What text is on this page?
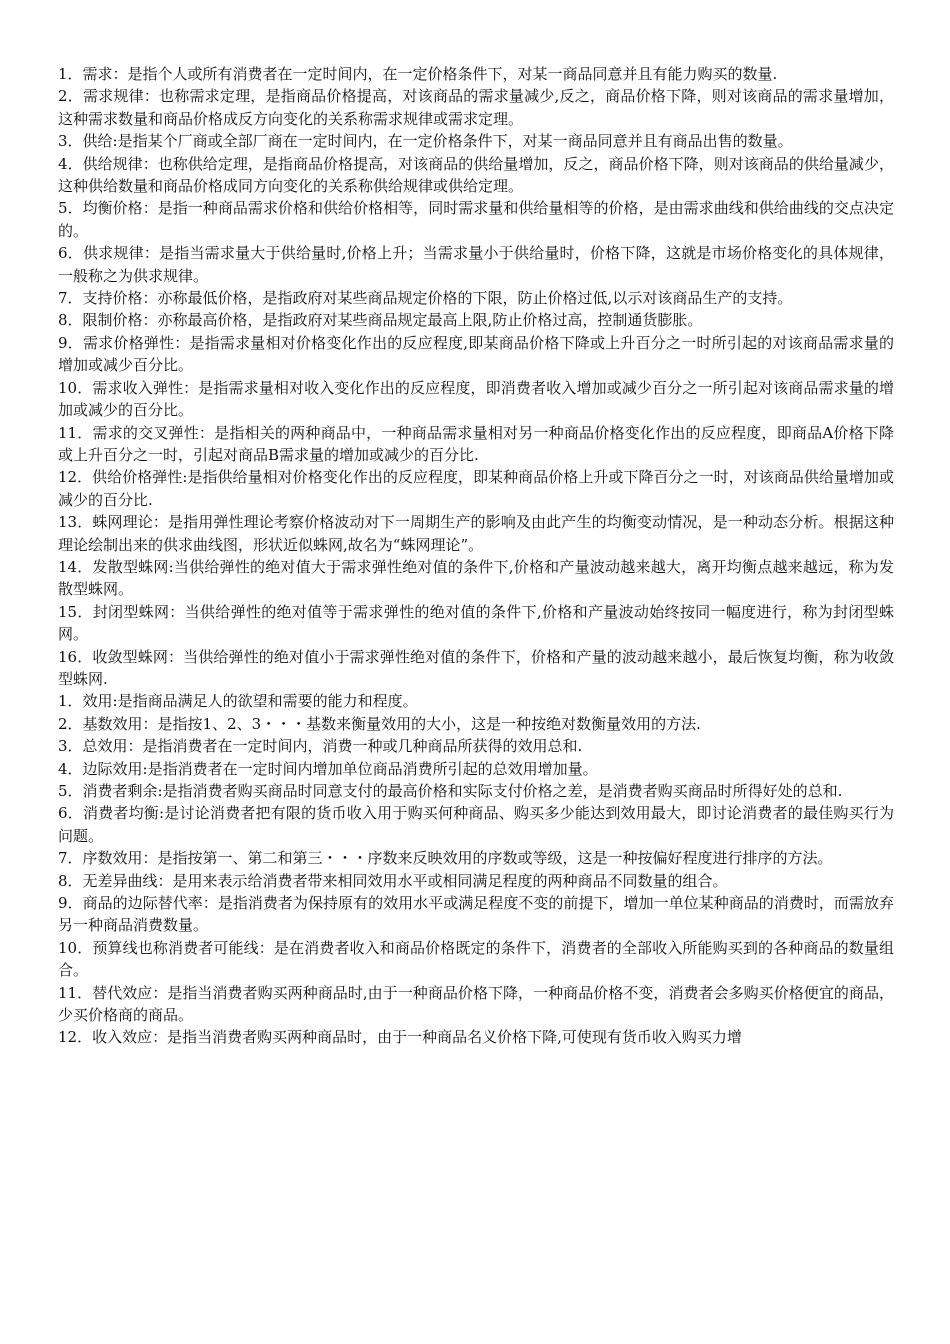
1．需求：是指个人或所有消费者在一定时间内，在一定价格条件下，对某一商品同意并且有能力购买的数量.

2．需求规律：也称需求定理，是指商品价格提高，对该商品的需求量减少,反之，商品价格下降，则对该商品的需求量增加，这种需求数量和商品价格成反方向变化的关系称需求规律或需求定理。

3．供给:是指某个厂商或全部厂商在一定时间内，在一定价格条件下，对某一商品同意并且有商品出售的数量。

4．供给规律：也称供给定理，是指商品价格提高，对该商品的供给量增加，反之，商品价格下降，则对该商品的供给量减少，这种供给数量和商品价格成同方向变化的关系称供给规律或供给定理。

5．均衡价格：是指一种商品需求价格和供给价格相等，同时需求量和供给量相等的价格，是由需求曲线和供给曲线的交点决定的。

6．供求规律：是指当需求量大于供给量时,价格上升；当需求量小于供给量时，价格下降，这就是市场价格变化的具体规律，一般称之为供求规律。

7．支持价格：亦称最低价格，是指政府对某些商品规定价格的下限，防止价格过低,以示对该商品生产的支持。

8．限制价格：亦称最高价格，是指政府对某些商品规定最高上限,防止价格过高，控制通货膨胀。

9．需求价格弹性：是指需求量相对价格变化作出的反应程度,即某商品价格下降或上升百分之一时所引起的对该商品需求量的增加或减少百分比。

10．需求收入弹性：是指需求量相对收入变化作出的反应程度，即消费者收入增加或减少百分之一所引起对该商品需求量的增加或减少的百分比。

11．需求的交叉弹性：是指相关的两种商品中，一种商品需求量相对另一种商品价格变化作出的反应程度，即商品A价格下降或上升百分之一时，引起对商品B需求量的增加或减少的百分比.

12．供给价格弹性:是指供给量相对价格变化作出的反应程度，即某种商品价格上升或下降百分之一时，对该商品供给量增加或减少的百分比.

13．蛛网理论：是指用弹性理论考察价格波动对下一周期生产的影响及由此产生的均衡变动情况，是一种动态分析。根据这种理论绘制出来的供求曲线图，形状近似蛛网,故名为“蛛网理论”。

14．发散型蛛网:当供给弹性的绝对值大于需求弹性绝对值的条件下,价格和产量波动越来越大，离开均衡点越来越远，称为发散型蛛网。

15．封闭型蛛网：当供给弹性的绝对值等于需求弹性的绝对值的条件下,价格和产量波动始终按同一幅度进行，称为封闭型蛛网。

16．收敛型蛛网：当供给弹性的绝对值小于需求弹性绝对值的条件下，价格和产量的波动越来越小，最后恢复均衡，称为收敛型蛛网.

1．效用:是指商品满足人的欲望和需要的能力和程度。

2．基数效用：是指按1、2、3・・・基数来衡量效用的大小，这是一种按绝对数衡量效用的方法.

3．总效用：是指消费者在一定时间内，消费一种或几种商品所获得的效用总和.

4．边际效用:是指消费者在一定时间内增加单位商品消费所引起的总效用增加量。

5．消费者剩余:是指消费者购买商品时同意支付的最高价格和实际支付价格之差，是消费者购买商品时所得好处的总和.

6．消费者均衡:是讨论消费者把有限的货币收入用于购买何种商品、购买多少能达到效用最大，即讨论消费者的最佳购买行为问题。

7．序数效用：是指按第一、第二和第三・・・序数来反映效用的序数或等级，这是一种按偏好程度进行排序的方法。

8．无差异曲线：是用来表示给消费者带来相同效用水平或相同满足程度的两种商品不同数量的组合。

9．商品的边际替代率：是指消费者为保持原有的效用水平或满足程度不变的前提下，增加一单位某种商品的消费时，而需放弃另一种商品消费数量。

10．预算线也称消费者可能线：是在消费者收入和商品价格既定的条件下，消费者的全部收入所能购买到的各种商品的数量组合。

11．替代效应：是指当消费者购买两种商品时,由于一种商品价格下降，一种商品价格不变，消费者会多购买价格便宜的商品，少买价格商的商品。

12．收入效应：是指当消费者购买两种商品时，由于一种商品名义价格下降,可使现有货币收入购买力增
